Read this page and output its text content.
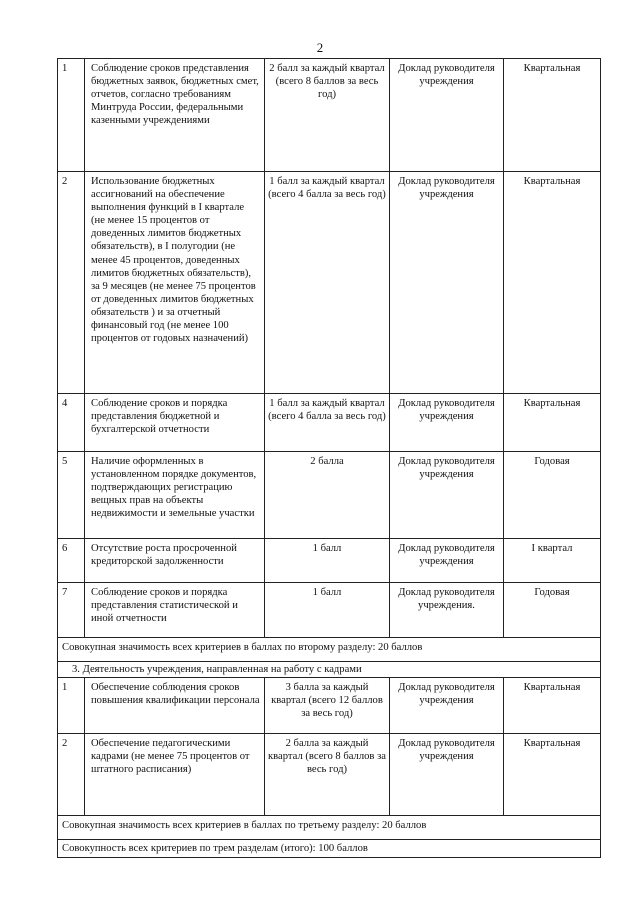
2
1	Соблюдение сроков представления бюджетных заявок, бюджетных смет, отчетов, согласно требованиям Минтруда России, федеральными казенными учреждениями	2 балл за каждый квартал (всего 8 баллов за весь год)	Доклад руководителя учреждения	Квартальная
2	Использование бюджетных ассигнований на обеспечение выполнения функций в I квартале (не менее 15 процентов от доведенных лимитов бюджетных обязательств), в I полугодии (не менее 45 процентов, доведенных лимитов бюджетных обязательств), за 9 месяцев (не менее 75 процентов от доведенных лимитов бюджетных обязательств ) и за отчетный финансовый год (не менее 100 процентов от годовых назначений)	1 балл за каждый квартал (всего 4 балла за весь год)	Доклад руководителя учреждения	Квартальная
4	Соблюдение сроков и порядка представления бюджетной и бухгалтерской отчетности	1 балл за каждый квартал (всего 4 балла за весь год)	Доклад руководителя учреждения	Квартальная
5	Наличие оформленных в установленном порядке документов, подтверждающих регистрацию вещных прав на объекты недвижимости и земельные участки	2 балла	Доклад руководителя учреждения	Годовая
6	Отсутствие роста просроченной кредиторской задолженности	1 балл	Доклад руководителя учреждения	I квартал
7	Соблюдение сроков и порядка представления статистической и иной отчетности	1 балл	Доклад руководителя учреждения.	Годовая
Совокупная значимость всех критериев в баллах по второму разделу: 20 баллов				
3. Деятельность учреждения, направленная на работу с кадрами				
1	Обеспечение соблюдения сроков повышения квалификации персонала	3 балла за каждый квартал (всего 12 баллов за весь год)	Доклад руководителя учреждения	Квартальная
2	Обеспечение педагогическими кадрами (не менее 75 процентов от штатного расписания)	2 балла за каждый квартал (всего 8 баллов за весь год)	Доклад руководителя учреждения	Квартальная
Совокупная значимость всех критериев в баллах по третьему разделу: 20 баллов				
Совокупность всех критериев по трем разделам (итого): 100 баллов				
